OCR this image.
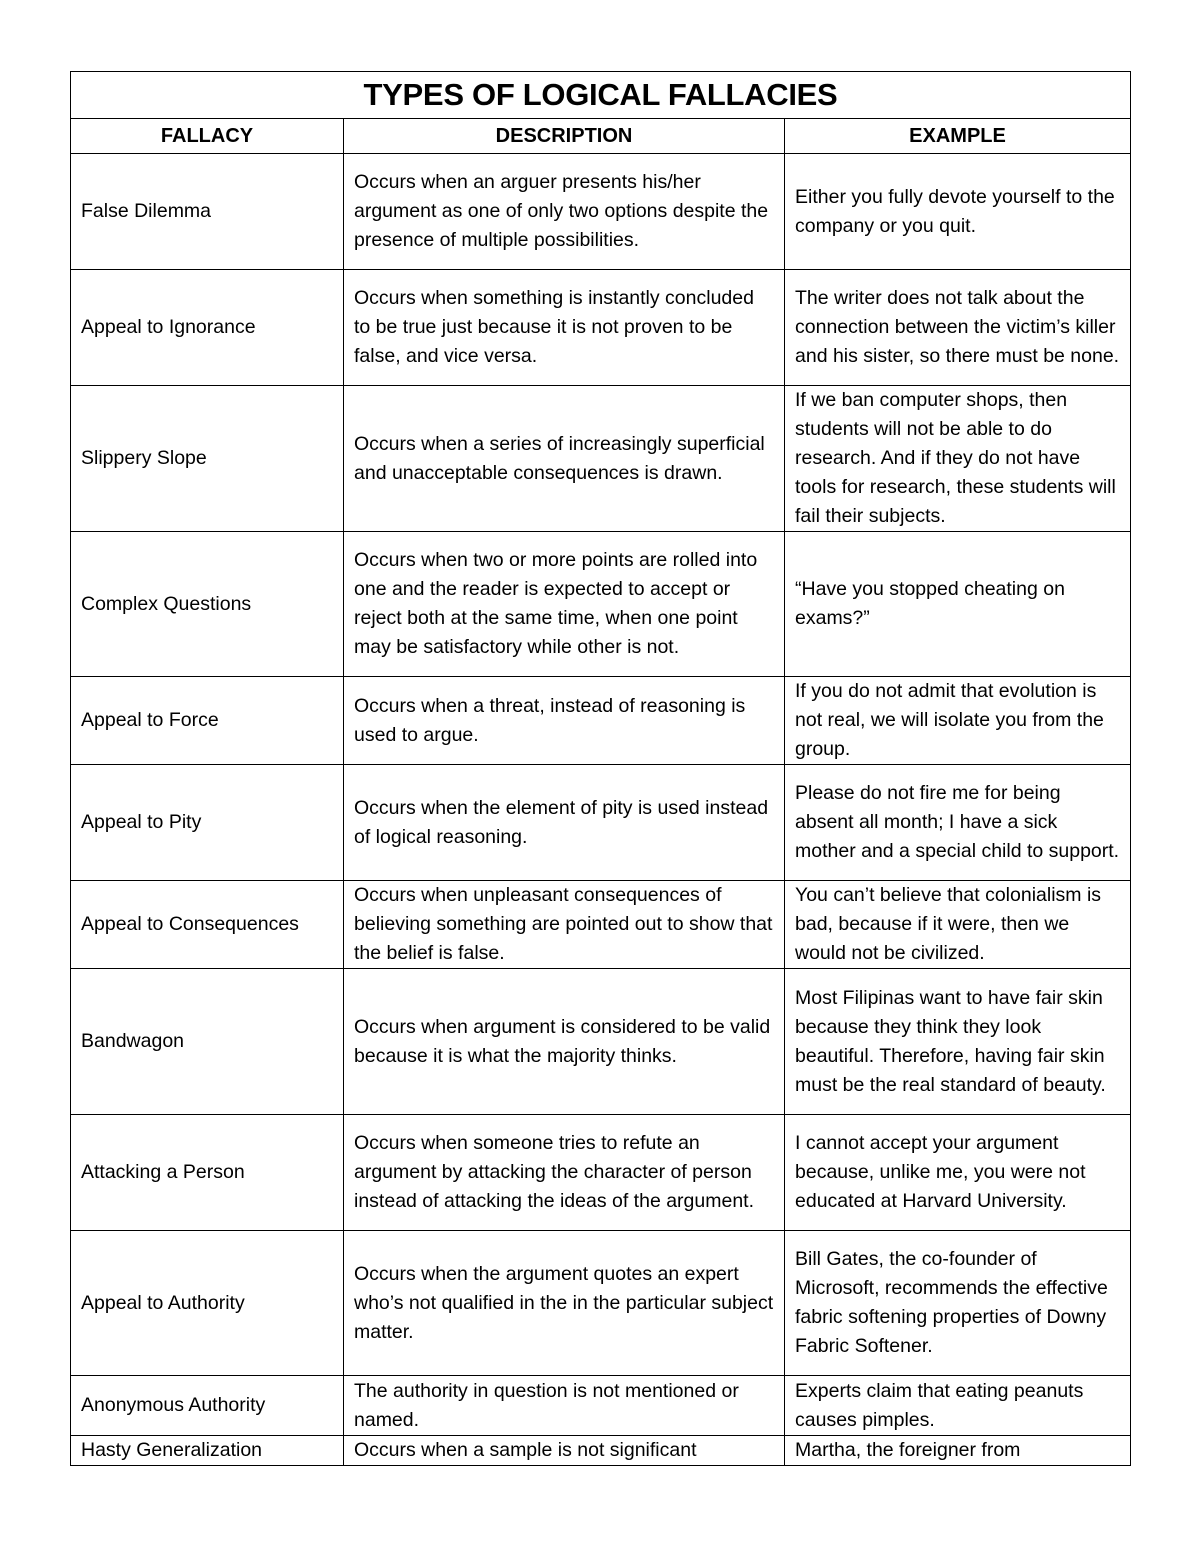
TYPES OF LOGICAL FALLACIES		
FALLACY	DESCRIPTION	EXAMPLE
False Dilemma	Occurs when an arguer presents his/her argument as one of only two options despite the presence of multiple possibilities.	Either you fully devote yourself to the company or you quit.
Appeal to Ignorance	Occurs when something is instantly concluded to be true just because it is not proven to be false, and vice versa.	The writer does not talk about the connection between the victim’s killer and his sister, so there must be none.
Slippery Slope	Occurs when a series of increasingly superficial and unacceptable consequences is drawn.	If we ban computer shops, then students will not be able to do research. And if they do not have tools for research, these students will fail their subjects.
Complex Questions	Occurs when two or more points are rolled into one and the reader is expected to accept or reject both at the same time, when one point may be satisfactory while other is not.	“Have you stopped cheating on exams?”
Appeal to Force	Occurs when a threat, instead of reasoning is used to argue.	If you do not admit that evolution is not real, we will isolate you from the group.
Appeal to Pity	Occurs when the element of pity is used instead of logical reasoning.	Please do not fire me for being absent all month; I have a sick mother and a special child to support.
Appeal to Consequences	Occurs when unpleasant consequences of believing something are pointed out to show that the belief is false.	You can’t believe that colonialism is bad, because if it were, then we would not be civilized.
Bandwagon	Occurs when argument is considered to be valid because it is what the majority thinks.	Most Filipinas want to have fair skin because they think they look beautiful. Therefore, having fair skin must be the real standard of beauty.
Attacking a Person	Occurs when someone tries to refute an argument by attacking the character of person instead of attacking the ideas of the argument.	I cannot accept your argument because, unlike me, you were not educated at Harvard University.
Appeal to Authority	Occurs when the argument quotes an expert who’s not qualified in the in the particular subject matter.	Bill Gates, the co-founder of Microsoft, recommends the effective fabric softening properties of Downy Fabric Softener.
Anonymous Authority	The authority in question is not mentioned or named.	Experts claim that eating peanuts causes pimples.
Hasty Generalization	Occurs when a sample is not significant	Martha, the foreigner from
